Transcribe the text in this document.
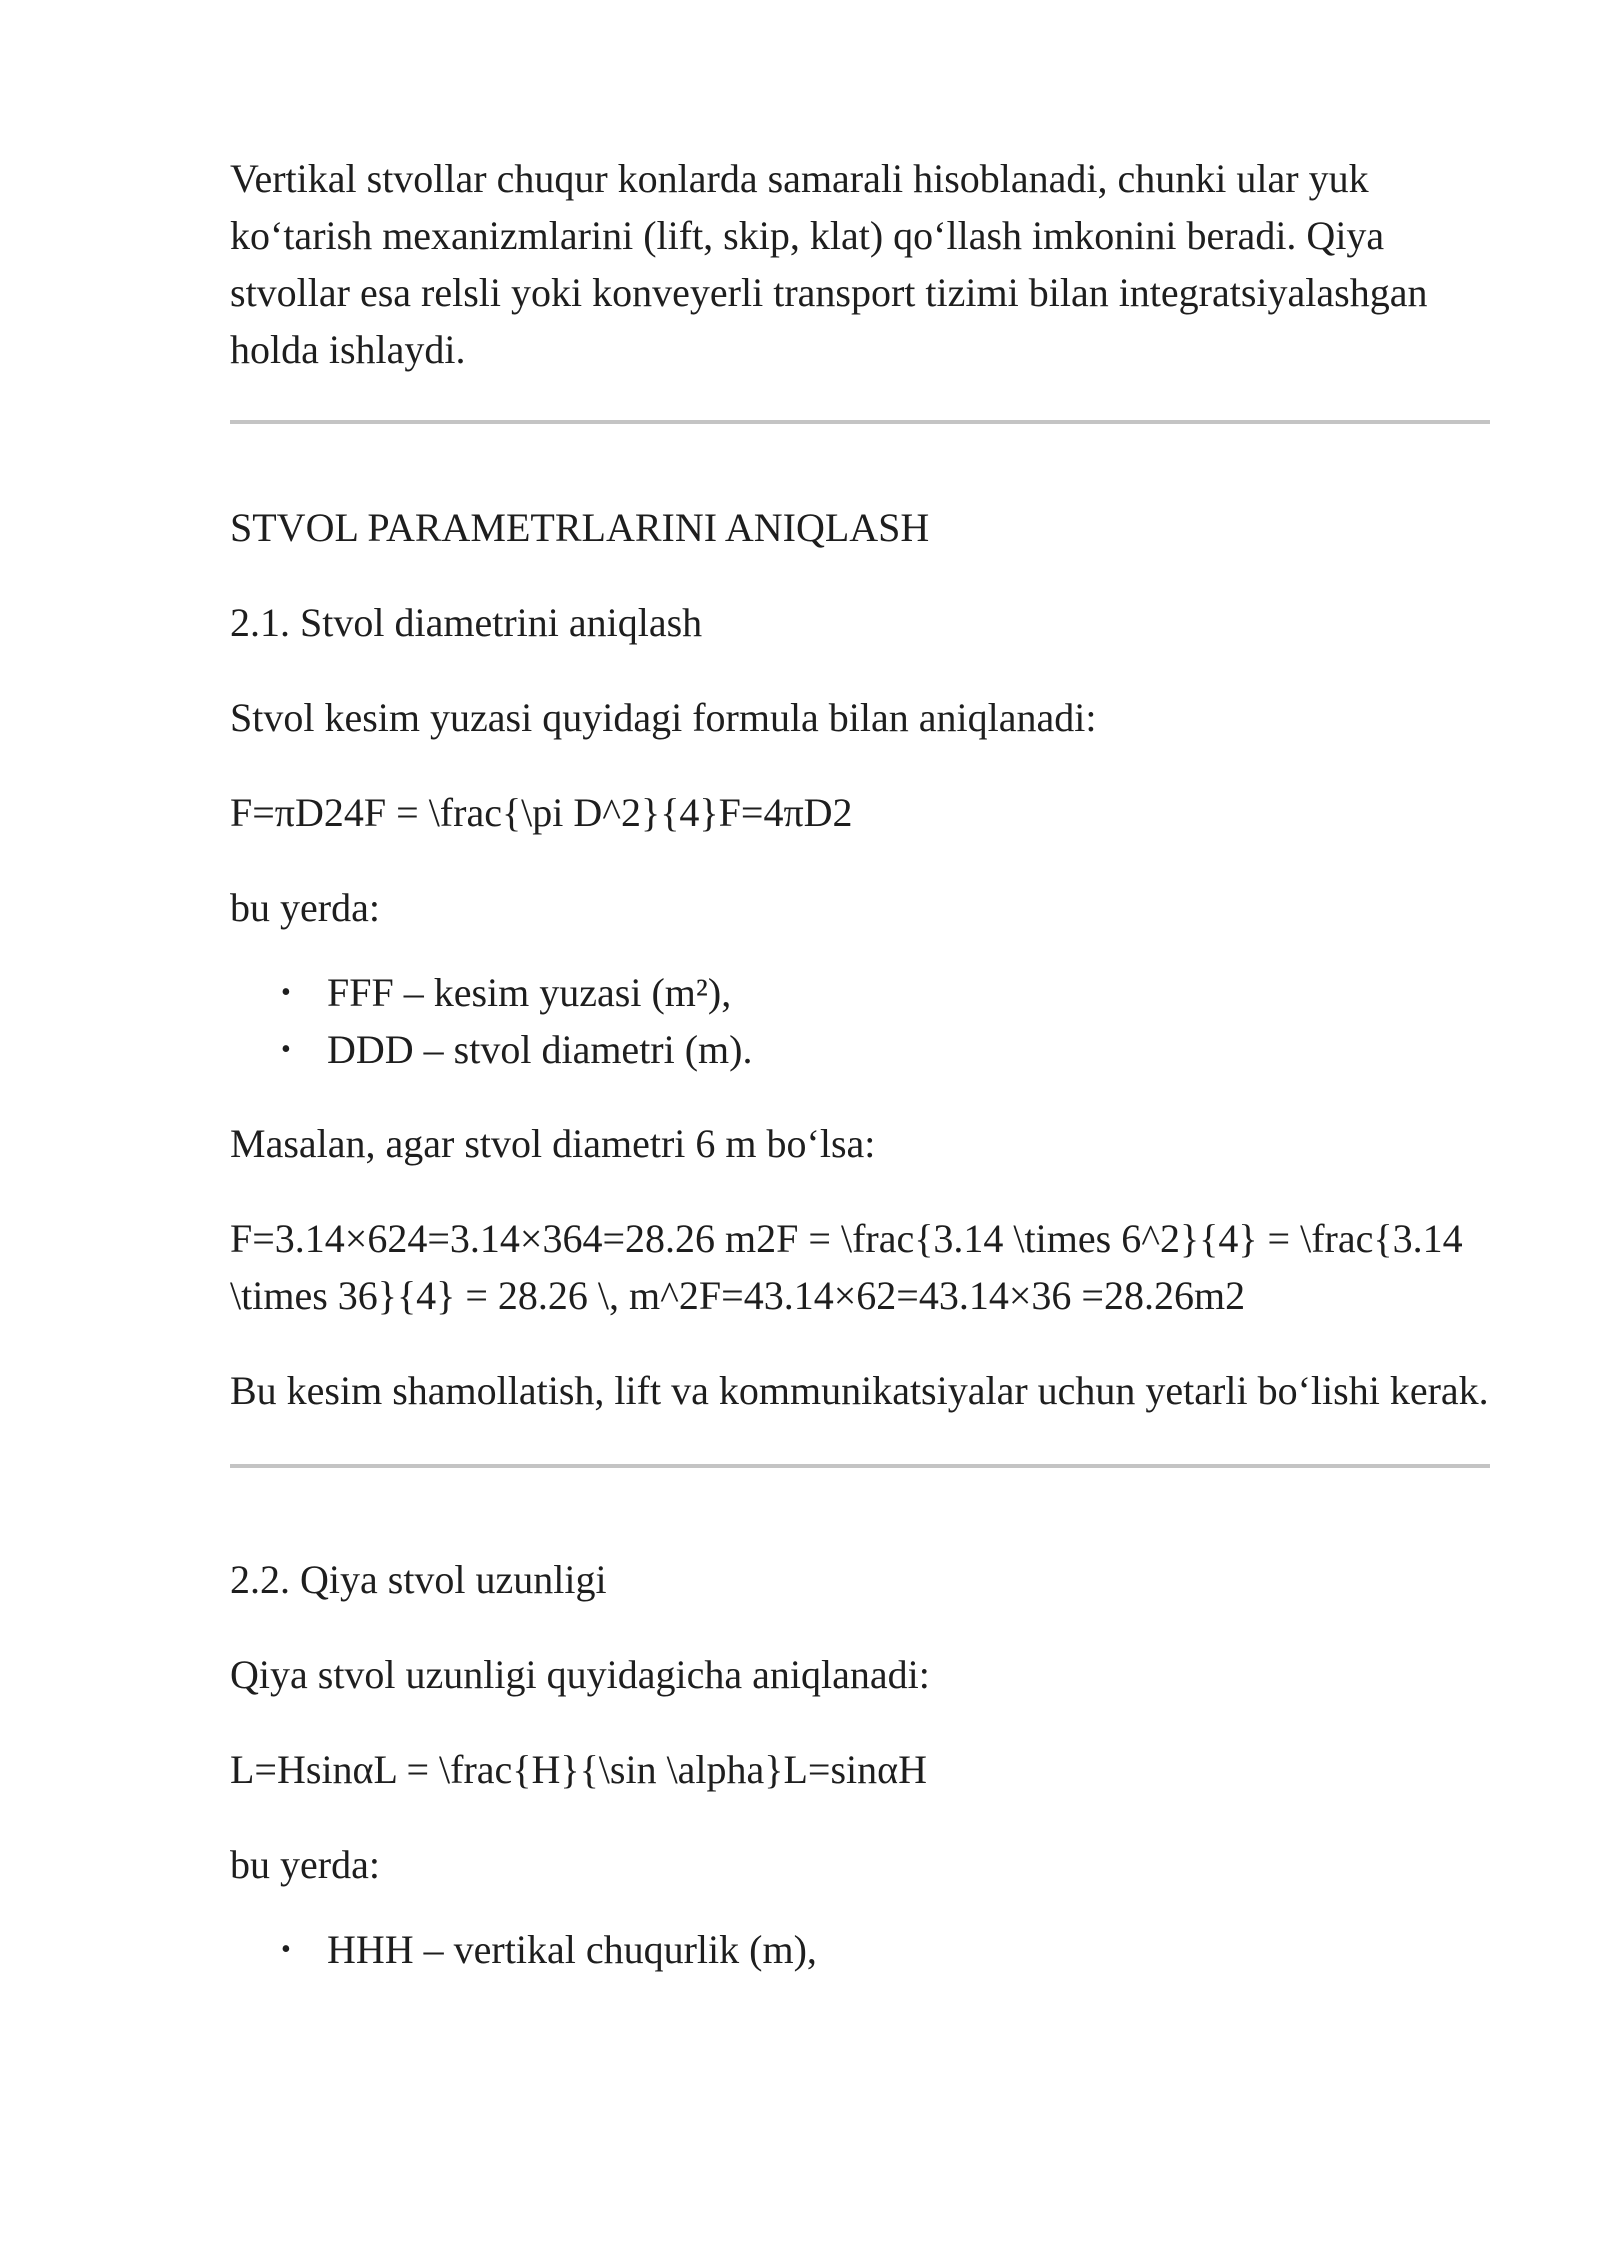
Vertikal stvollar chuqur konlarda samarali hisoblanadi, chunki ular yuk ko‘tarish mexanizmlarini (lift, skip, klat) qo‘llash imkonini beradi. Qiya stvollar esa relsli yoki konveyerli transport tizimi bilan integratsiyalashgan holda ishlaydi.

STVOL PARAMETRLARINI ANIQLASH

2.1. Stvol diametrini aniqlash

Stvol kesim yuzasi quyidagi formula bilan aniqlanadi:

F=πD24F = \frac{\pi D^2}{4}F=4πD2

bu yerda:

• FFF – kesim yuzasi (m²),
• DDD – stvol diametri (m).

Masalan, agar stvol diametri 6 m bo‘lsa:

F=3.14×624=3.14×364=28.26 m2F = \frac{3.14 \times 6^2}{4} = \frac{3.14 \times 36}{4} = 28.26 \, m^2F=43.14×62=43.14×36 =28.26m2

Bu kesim shamollatish, lift va kommunikatsiyalar uchun yetarli bo‘lishi kerak.

2.2. Qiya stvol uzunligi

Qiya stvol uzunligi quyidagicha aniqlanadi:

L=HsinαL = \frac{H}{\sin \alpha}L=sinαH

bu yerda:

• HHH – vertikal chuqurlik (m),
